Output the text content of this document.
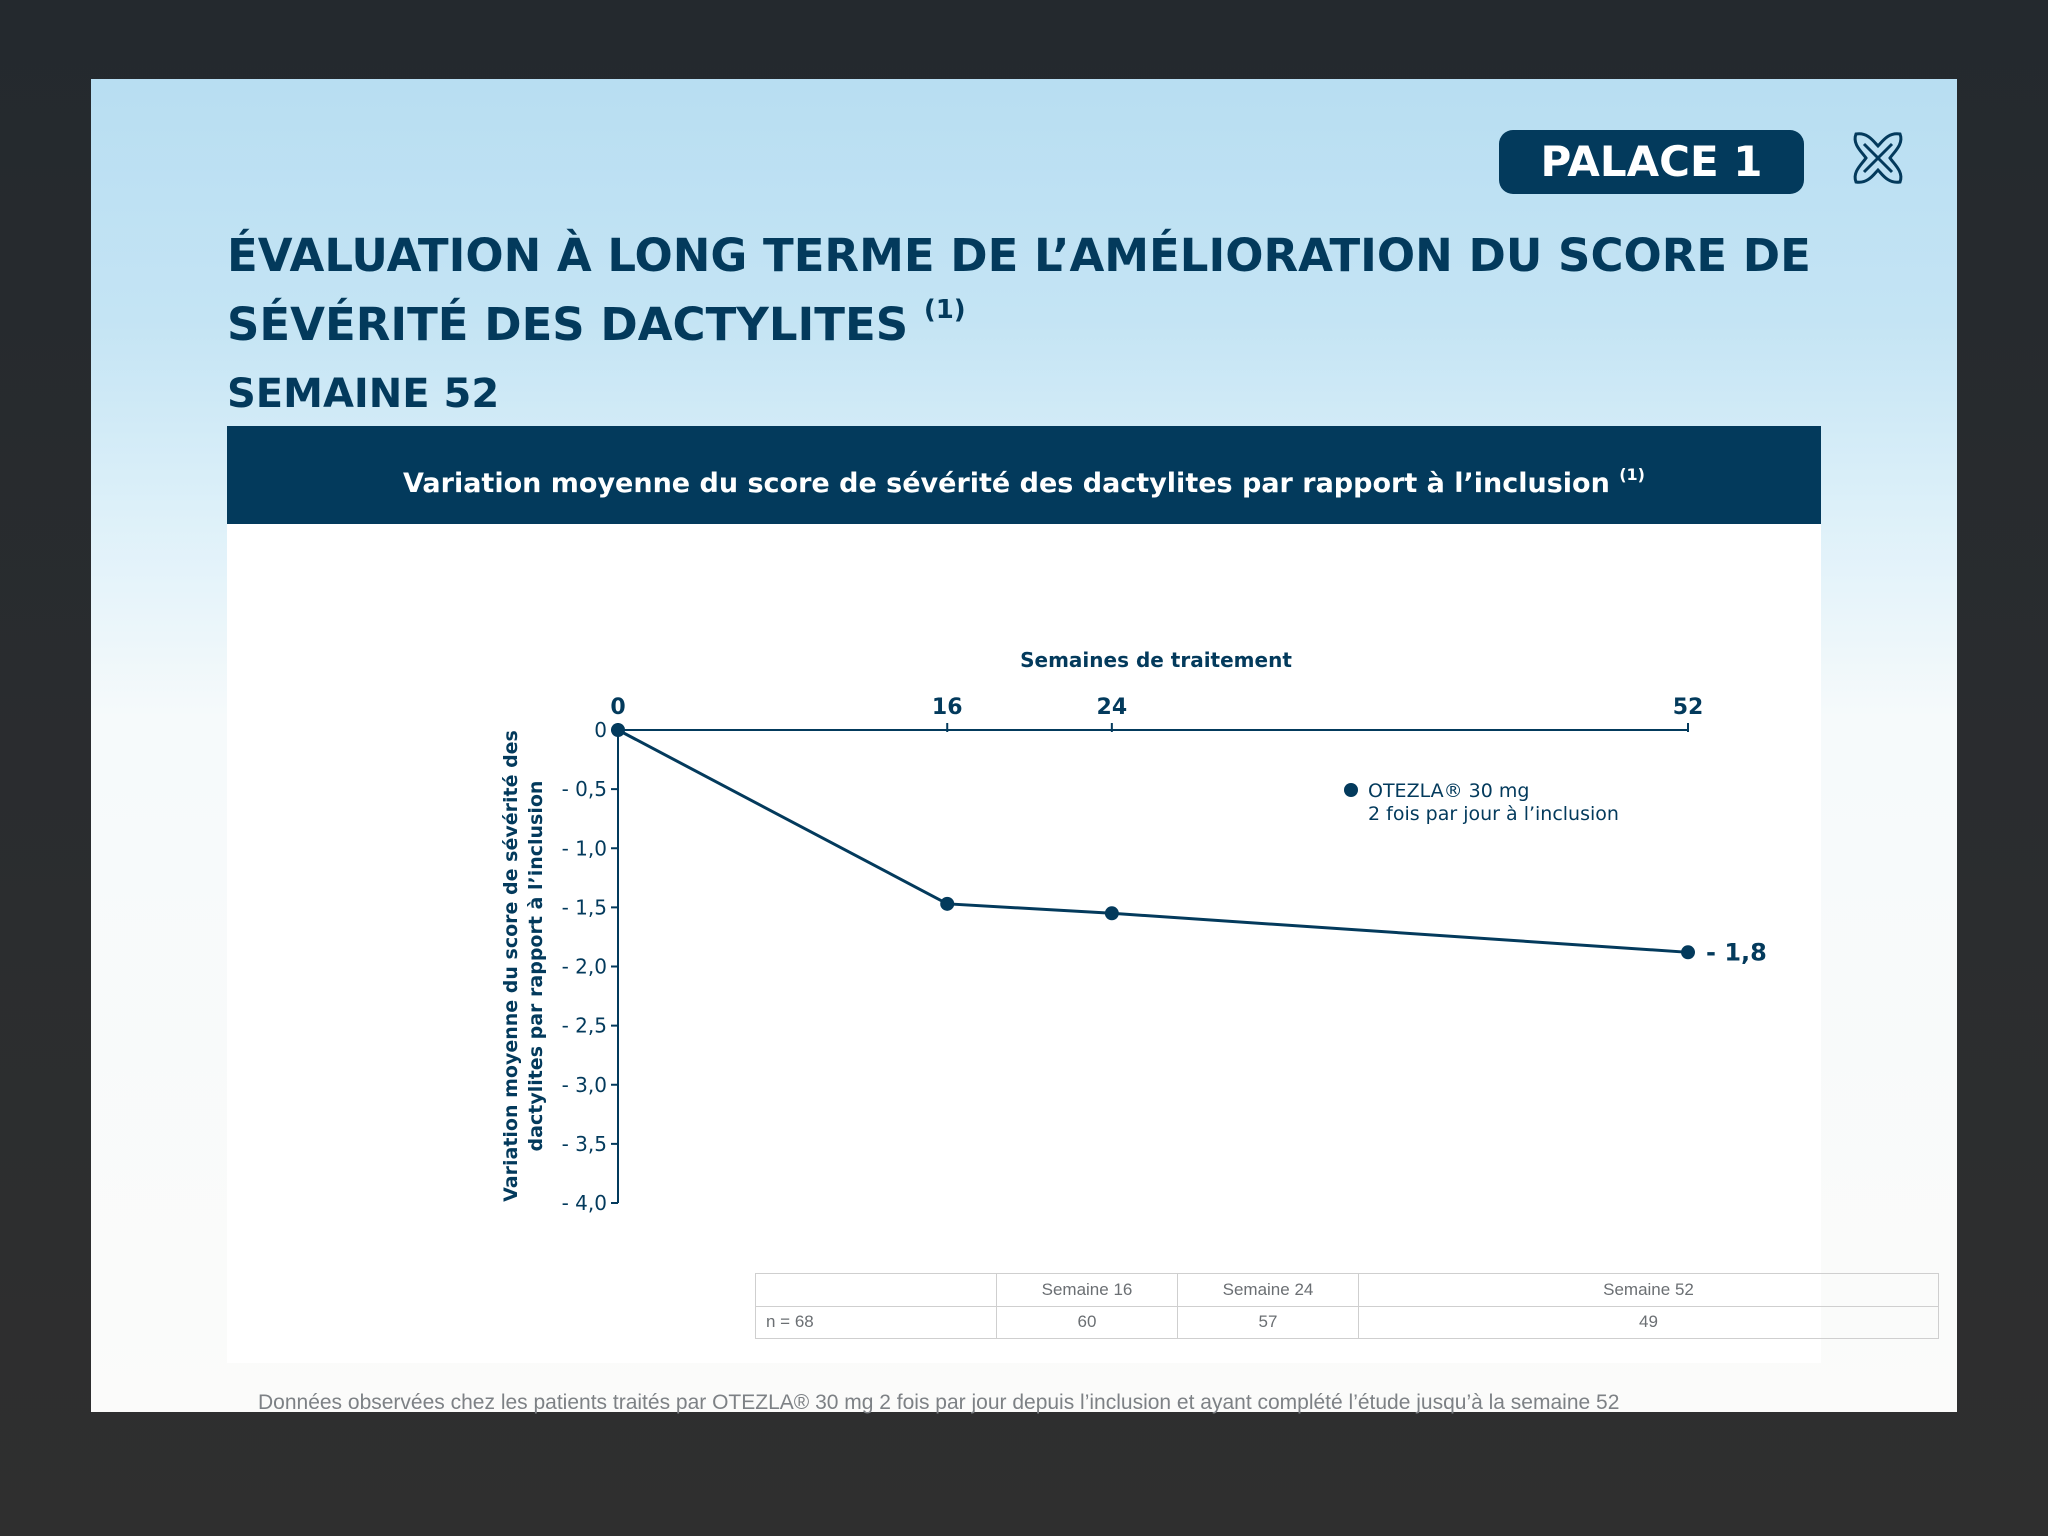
PALACE 1
ÉVALUATION À LONG TERME DE L’AMÉLIORATION DU SCORE DE SÉVÉRITÉ DES DACTYLITES $^{(1)}$
SEMAINE 52
Variation moyenne du score de sévérité des dactylites par rapport à l’inclusion $^{(1)}$
0	16	24	52
Semaines de traitement
0
- 0,5
- 1,0
- 1,5
- 2,0
- 2,5
- 3,0
- 3,5
- 4,0
Variation moyenne du score de sévérité des dactylites par rapport à l’inclusion	- 1,8
OTEZLA® 30 mg
2 fois par jour à l’inclusion
	Semaine 16	Semaine 24	Semaine 52
n = 68	60	57	49

Données observées chez les patients traités par OTEZLA® 30 mg 2 fois par jour depuis l’inclusion et ayant complété l’étude jusqu’à la semaine 52
